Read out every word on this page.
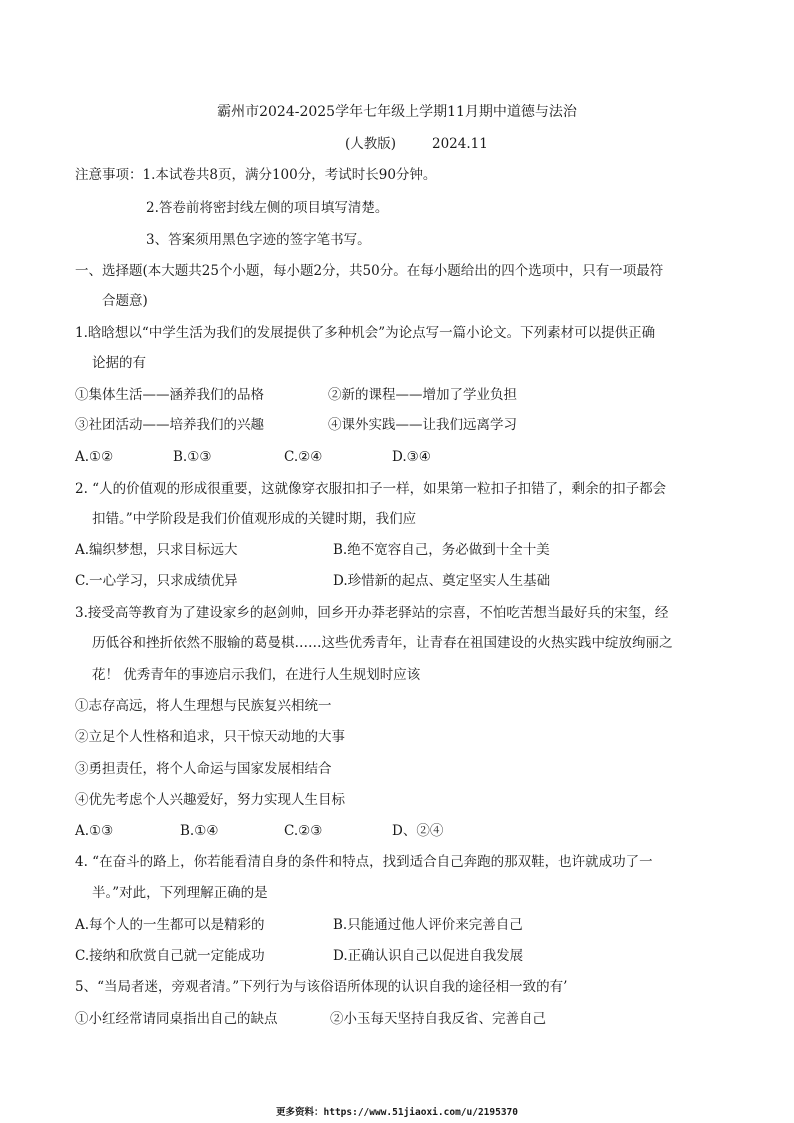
霸州市2024-2025学年七年级上学期11月期中道德与法治
(人教版)	2024.11
注意事项：1.本试卷共8页，满分100分，考试时长90分钟。
2.答卷前将密封线左侧的项目填写清楚。
3、答案须用黑色字迹的签字笔书写。
一、选择题(本大题共25个小题，每小题2分，共50分。在每小题给出的四个选项中，只有一项最符
合题意)
1.晗晗想以“中学生活为我们的发展提供了多种机会”为论点写一篇小论文。下列素材可以提供正确
论据的有
①集体生活——涵养我们的品格	②新的课程——增加了学业负担
③社团活动——培养我们的兴趣	④课外实践——让我们远离学习
A.①②	B.①③	C.②④	D.③④
2. “人的价值观的形成很重要，这就像穿衣服扣扣子一样，如果第一粒扣子扣错了，剩余的扣子都会
扣错。”中学阶段是我们价值观形成的关键时期，我们应
A.编织梦想，只求目标远大	B.绝不宽容自己，务必做到十全十美
C.一心学习，只求成绩优异	D.珍惜新的起点、奠定坚实人生基础
3.接受高等教育为了建设家乡的赵剑帅，回乡开办莽老驿站的宗喜，不怕吃苦想当最好兵的宋玺，经
历低谷和挫折依然不服输的葛曼棋……这些优秀青年，让青春在祖国建设的火热实践中绽放绚丽之
花！ 优秀青年的事迹启示我们，在进行人生规划时应该
①志存高远，将人生理想与民族复兴相统一
②立足个人性格和追求，只干惊天动地的大事
③勇担责任，将个人命运与国家发展相结合
④优先考虑个人兴趣爱好，努力实现人生目标
A.①③	B.①④	C.②③	D、②④
4. “在奋斗的路上，你若能看清自身的条件和特点，找到适合自己奔跑的那双鞋，也许就成功了一
半。”对此，下列理解正确的是
A.每个人的一生都可以是精彩的	B.只能通过他人评价来完善自己
C.接纳和欣赏自己就一定能成功	D.正确认识自己以促进自我发展
5、“当局者迷，旁观者清。”下列行为与该俗语所体现的认识自我的途径相一致的有’
①小红经常请同桌指出自己的缺点	②小玉每天坚持自我反省、完善自己
更多资料：https://www.51jiaoxi.com/u/2195370
